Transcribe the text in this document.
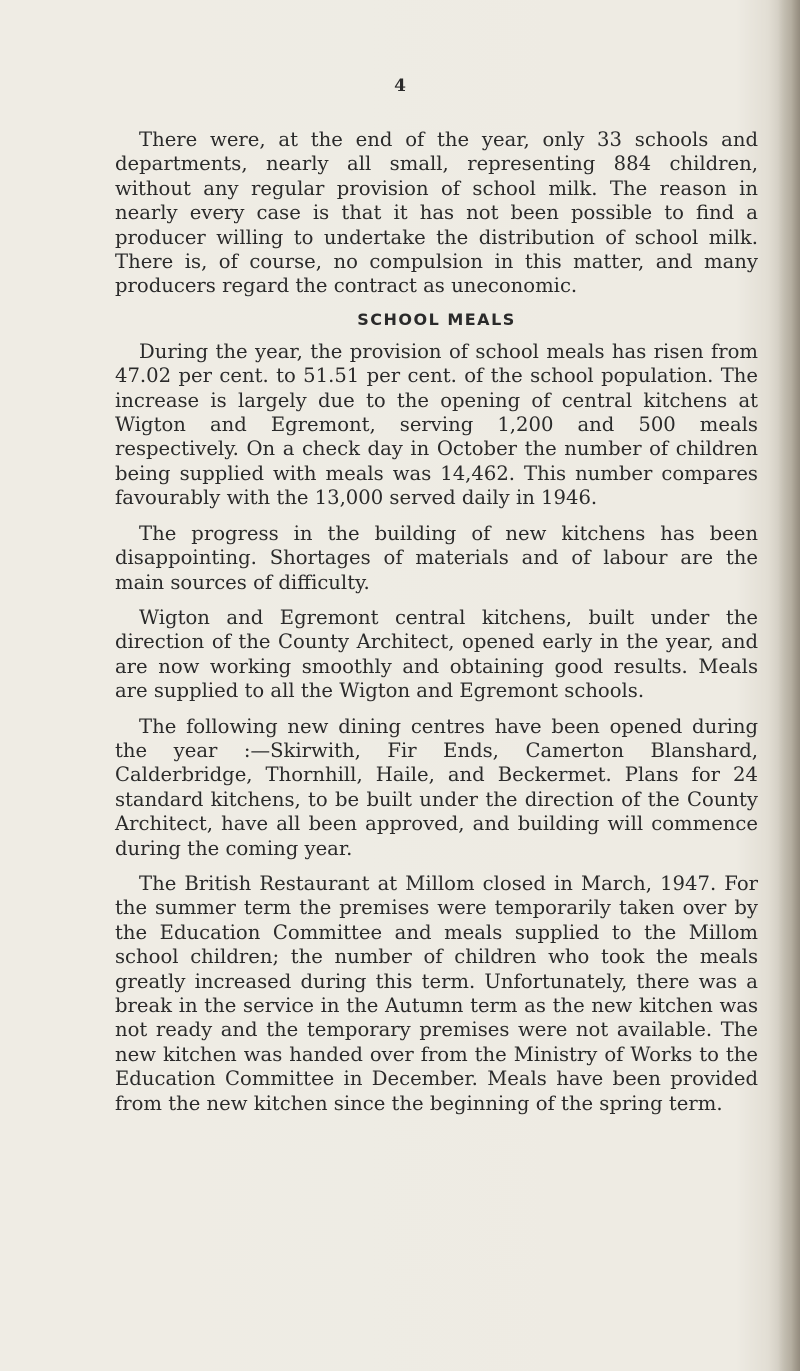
4

There were, at the end of the year, only 33 schools and departments, nearly all small, representing 884 children, without any regular provision of school milk. The reason in nearly every case is that it has not been possible to find a producer willing to undertake the distribution of school milk. There is, of course, no compulsion in this matter, and many producers regard the contract as uneconomic.

SCHOOL MEALS

During the year, the provision of school meals has risen from 47.02 per cent. to 51.51 per cent. of the school population. The increase is largely due to the opening of central kitchens at Wigton and Egremont, serving 1,200 and 500 meals respectively. On a check day in October the number of children being supplied with meals was 14,462. This number compares favourably with the 13,000 served daily in 1946.

The progress in the building of new kitchens has been disappointing. Shortages of materials and of labour are the main sources of difficulty.

Wigton and Egremont central kitchens, built under the direction of the County Architect, opened early in the year, and are now working smoothly and obtaining good results. Meals are supplied to all the Wigton and Egremont schools.

The following new dining centres have been opened during the year :—Skirwith, Fir Ends, Camerton Blanshard, Calderbridge, Thornhill, Haile, and Beckermet. Plans for 24 standard kitchens, to be built under the direction of the County Architect, have all been approved, and building will commence during the coming year.

The British Restaurant at Millom closed in March, 1947. For the summer term the premises were temporarily taken over by the Education Committee and meals supplied to the Millom school children; the number of children who took the meals greatly increased during this term. Unfortunately, there was a break in the service in the Autumn term as the new kitchen was not ready and the temporary premises were not available. The new kitchen was handed over from the Ministry of Works to the Education Committee in December. Meals have been provided from the new kitchen since the beginning of the spring term.
